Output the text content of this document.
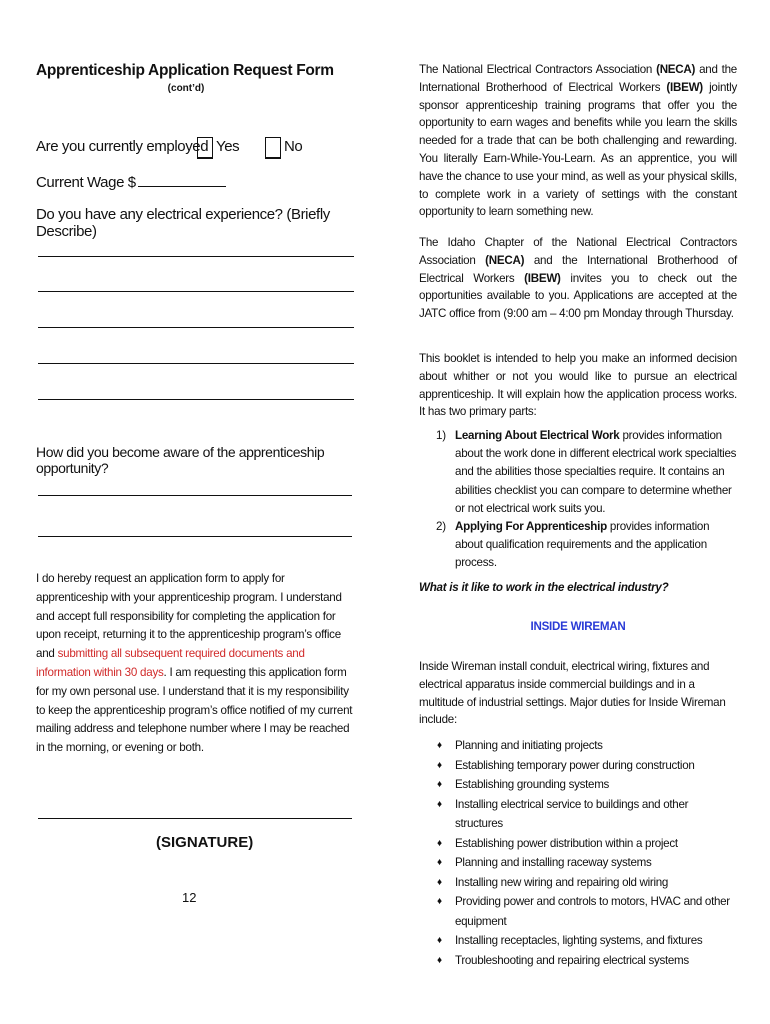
Apprenticeship Application Request Form
(cont’d)
Are you currently employed Yes	No
Current Wage $
Do you have any electrical experience? (Briefly Describe)
How did you become aware of the apprenticeship opportunity?
I do hereby request an application form to apply for apprenticeship with your apprenticeship program. I understand and accept full responsibility for completing the application for upon receipt, returning it to the apprenticeship program’s office and submitting all subsequent required documents and information within 30 days. I am requesting this application form for my own personal use. I understand that it is my responsibility to keep the apprenticeship program’s office notified of my current mailing address and telephone number where I may be reached in the morning, or evening or both.
(SIGNATURE)
12

The National Electrical Contractors Association (NECA) and the International Brotherhood of Electrical Workers (IBEW) jointly sponsor apprenticeship training programs that offer you the opportunity to earn wages and benefits while you learn the skills needed for a trade that can be both challenging and rewarding. You literally Earn-While-You-Learn. As an apprentice, you will have the chance to use your mind, as well as your physical skills, to complete work in a variety of settings with the constant opportunity to learn something new.

The Idaho Chapter of the National Electrical Contractors Association (NECA) and the International Brotherhood of Electrical Workers (IBEW) invites you to check out the opportunities available to you. Applications are accepted at the JATC office from (9:00 am – 4:00 pm Monday through Thursday.

This booklet is intended to help you make an informed decision about whither or not you would like to pursue an electrical apprenticeship. It will explain how the application process works. It has two primary parts:

1) Learning About Electrical Work provides information about the work done in different electrical work specialties and the abilities those specialties require. It contains an abilities checklist you can compare to determine whether or not electrical work suits you.
2) Applying For Apprenticeship provides information about qualification requirements and the application process.
What is it like to work in the electrical industry?
INSIDE WIREMAN

Inside Wireman install conduit, electrical wiring, fixtures and electrical apparatus inside commercial buildings and in a multitude of industrial settings. Major duties for Inside Wireman include:

♦ Planning and initiating projects
♦ Establishing temporary power during construction
♦ Establishing grounding systems
♦ Installing electrical service to buildings and other structures
♦ Establishing power distribution within a project
♦ Planning and installing raceway systems
♦ Installing new wiring and repairing old wiring
♦ Providing power and controls to motors, HVAC and other equipment
♦ Installing receptacles, lighting systems, and fixtures
♦ Troubleshooting and repairing electrical systems
